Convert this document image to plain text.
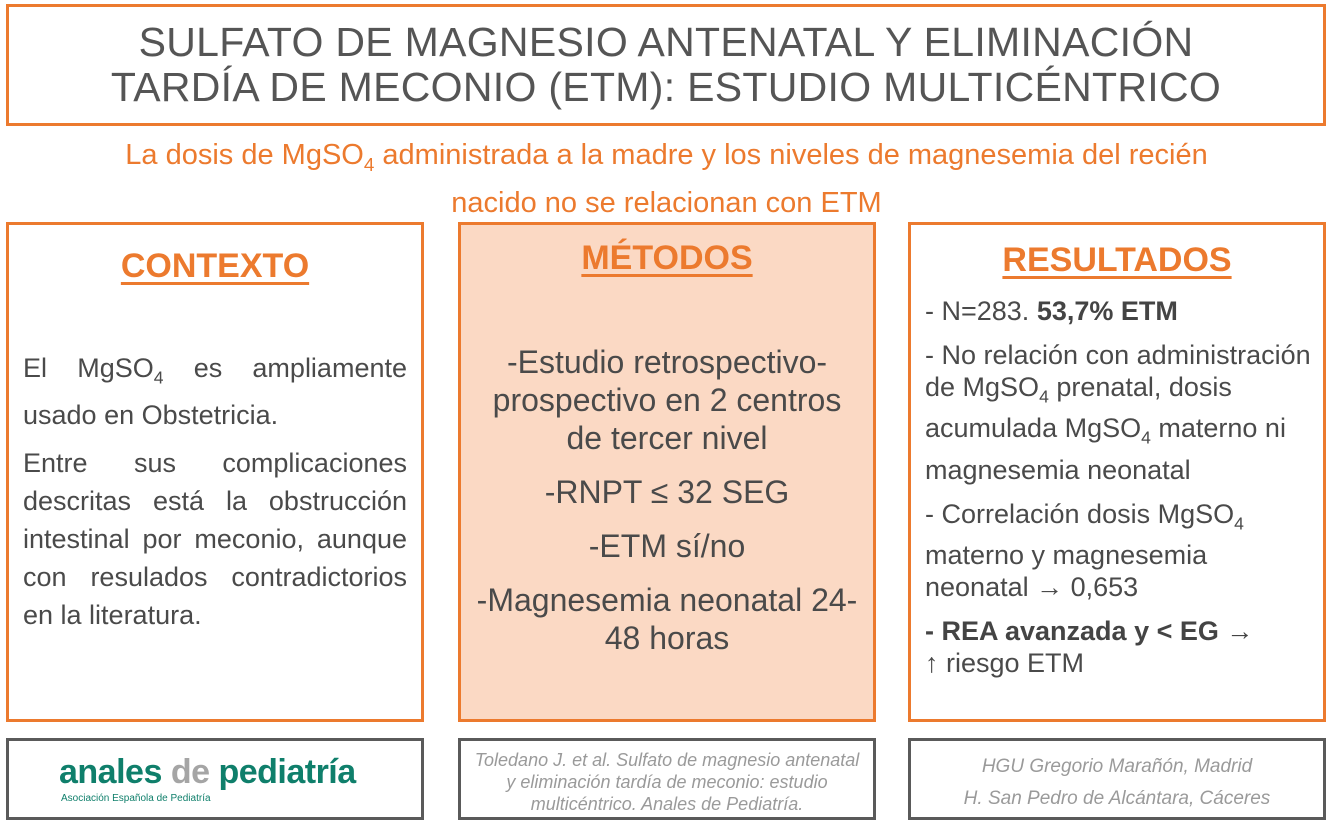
SULFATO DE MAGNESIO ANTENATAL Y ELIMINACIÓN
TARDÍA DE MECONIO (ETM): ESTUDIO MULTICÉNTRICO
La dosis de MgSO$_4$ administrada a la madre y los niveles de magnesemia del recién
nacido no se relacionan con ETM
CONTEXTO

El MgSO$_4$ es ampliamente usado en Obstetricia.

Entre sus complicaciones descritas está la obstrucción intestinal por meconio, aunque con resulados contradictorios en la literatura.

MÉTODOS

-Estudio retrospectivo-prospectivo en 2 centros de tercer nivel

-RNPT ≤ 32 SEG

-ETM sí/no

-Magnesemia neonatal 24-48 horas

RESULTADOS

- N=283. 53,7% ETM

- No relación con administración de MgSO$_4$ prenatal, dosis acumulada MgSO$_4$ materno ni magnesemia neonatal

- Correlación dosis MgSO$_4$ materno y magnesemia neonatal → 0,653

- REA avanzada y < EG →
↑ riesgo ETM

anales de pediatría
Asociación Española de Pediatría
Toledano J. et al. Sulfato de magnesio antenatal y eliminación tardía de meconio: estudio multicéntrico. Anales de Pediatría.
HGU Gregorio Marañón, Madrid
H. San Pedro de Alcántara, Cáceres
